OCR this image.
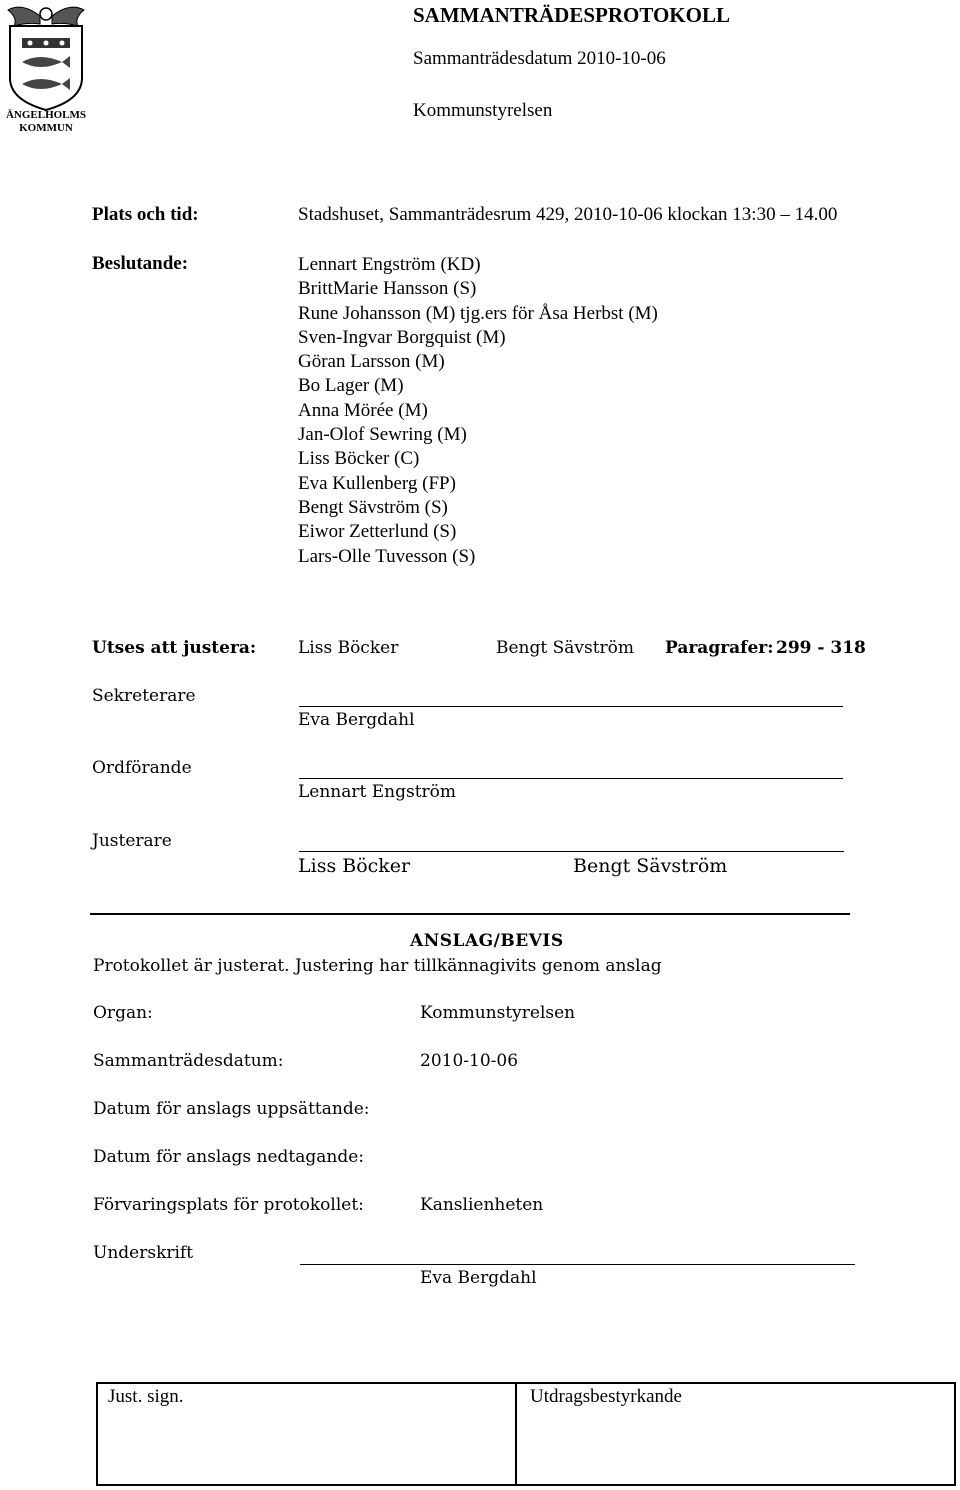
ÄNGELHOLMS
KOMMUN
SAMMANTRÄDESPROTOKOLL
Sammanträdesdatum 2010-10-06
Kommunstyrelsen
Plats och tid:	Stadshuset, Sammanträdesrum 429, 2010-10-06 klockan 13:30 – 14.00
Beslutande:	Lennart Engström (KD)
BrittMarie Hansson (S)
Rune Johansson (M) tjg.ers för Åsa Herbst (M)
Sven-Ingvar Borgquist (M)
Göran Larsson (M)
Bo Lager (M)
Anna Mörée (M)
Jan-Olof Sewring (M)
Liss Böcker (C)
Eva Kullenberg (FP)
Bengt Sävström (S)
Eiwor Zetterlund (S)
Lars-Olle Tuvesson (S)
Utses att justera: Liss Böcker	Bengt Sävström Paragrafer: 299 - 318
Sekreterare
Eva Bergdahl
Ordförande
Lennart Engström
Justerare
Liss Böcker	Bengt Sävström
ANSLAG/BEVIS
Protokollet är justerat. Justering har tillkännagivits genom anslag
Organ:	Kommunstyrelsen
Sammanträdesdatum:	2010-10-06
Datum för anslags uppsättande:
Datum för anslags nedtagande:
Förvaringsplats för protokollet:	Kanslienheten
Underskrift
Eva Bergdahl
Just. sign.	Utdragsbestyrkande
